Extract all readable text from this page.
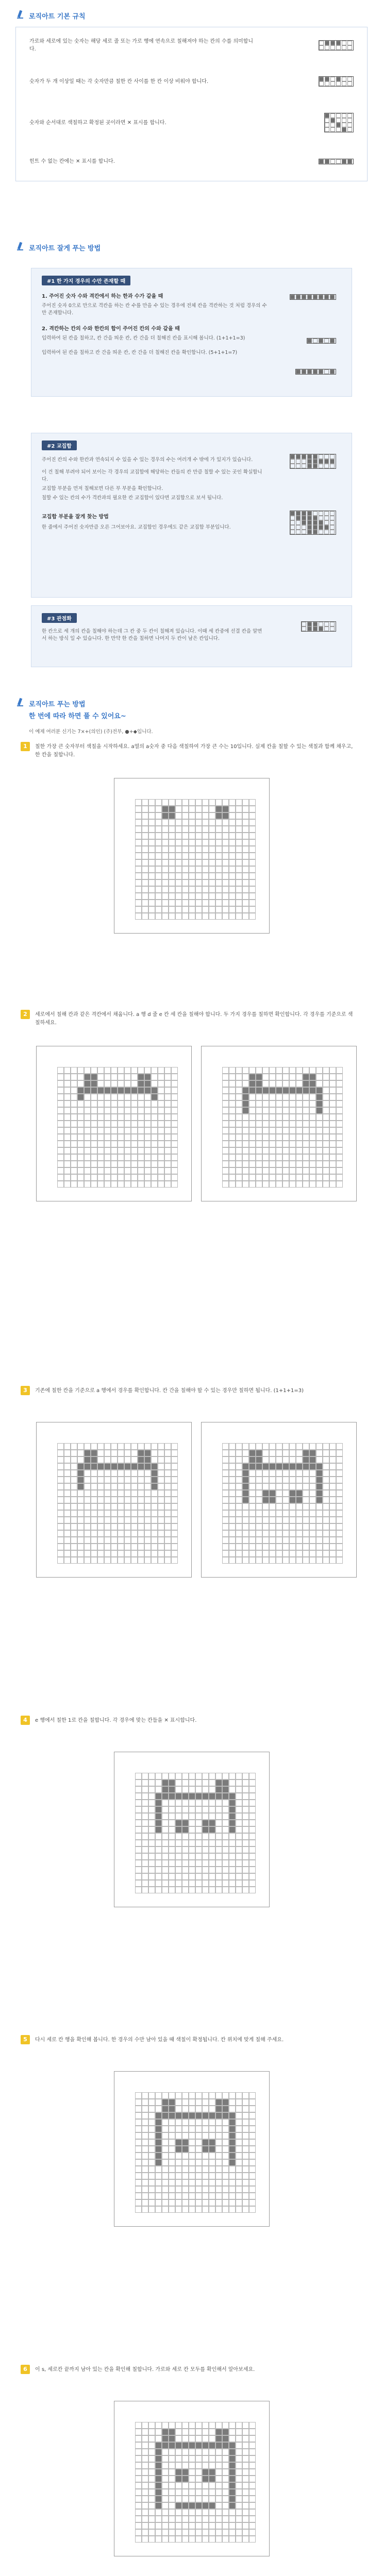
로직아트 기본 규칙
가로와 세로에 있는 숫자는 해당 세로 줄 또는 가로 행에 연속으로 칠해져야 하는 칸의 수를 의미합니다.
숫자가 두 개 이상일 때는 각 숫자만큼 칠한 칸 사이를 한 칸 이상 비워야 합니다.
숫자와 순서대로 색칠하고 확정된 곳이라면 ✕ 표시를 합니다.
힌트 수 없는 칸에는 ✕ 표시를 합니다.
로직아트 잘게 푸는 방법
#1 한 가지 경우의 수만 존재할 때
1. 주어진 숫자 수와 격칸에서 하는 한과 수가 같을 때
주어진 숫자 0으로 만으로 격칸을 하는 칸 수를 만을 수 있는 경우에 전체 칸을 격칸하는 것 처럼 경우의 수만 존재합니다.
2. 격칸하는 칸의 수와 한칸의 합이 주어진 칸의 수와 같을 때
입력하여 된 칸을 칠하고, 칸 간을 띄운 칸, 칸 간을 더 칠해진 칸을 표시해 봅니다. (1+1+1=3)
입력하여 된 칸을 칠하고 칸 간을 띄운 칸, 칸 간을 더 칠해진 칸을 확인합니다. (5+1+1=7)
#2 교집합
주어진 칸의 수와 한칸과 연속되지 수 있을 수 있는 경우의 수는 여러개 수 밖에 가 있지가 있습니다.
이 건 칠해 부려야 되어 보이는 각 경우의 교집합에 해당하는 칸들의 칸 만큼 칠할 수 있는 곳인 확실합니다.
교집합 부분을 먼저 칠해보면 다른 부 부분을 확인합니다.
칠할 수 있는 칸의 수가 격칸과의 필요한 칸 교집합이 있다면 교집합으로 보셔 됩니다.
교집합 부분을 잘게 찾는 방법
한 줄에서 주어진 숫자만큼 오른 그어보아요. 교집합인 경우에도 같은 교집합 부분입니다.
#3 관점화
한 칸으로 세 개의 칸을 칠해야 하는데 그 칸 중 두 칸이 칠해져 있습니다. 이때 세 칸중에 선결 칸을 알면서 하는 방식 일 수 있습니다. 한 만약 한 칸을 칠하면 나머지 두 칸이 남은 칸입니다.
로직아트 푸는 방법
한 번에 따라 하면 풀 수 있어요~
이 예제 여러분 신기는 7×+(의인) (주)전부, ●+◆입니다.
1	칠한 가장 큰 숫자부터 색칠을 시작하세요. a열의 a숫자 중 다음 색칠하여 가장 큰 수는 10입니다. 실제 칸을 칠할 수 있는 색칠과 함께 채우고, 한 칸을 칠합니다.
2	세로에서 칠해 칸과 같은 격칸에서 채웁니다. a 행 d 줄 e 칸 세 칸을 칠해야 합니다. 두 가지 경우를 칠하면 확인합니다. 각 경우를 기준으로 색칠하세요.
3	기존에 칠한 칸을 기준으로 a 행에서 경우를 확인합니다. 칸 간을 칠해야 할 수 있는 경우만 칠하면 됩니다. (1+1+1=3)
4	e 행에서 칠한 1로 칸을 칠합니다. 각 경우에 맞는 칸들을 ✕ 표시합니다.
5	다시 세로 칸 행을 확인해 봅니다. 한 경우의 수만 남아 있을 때 색칠이 확정됩니다. 칸 위치에 맞게 칠해 주세요.
6	이 s, 세로칸 끝까지 남아 있는 칸을 확인해 칠합니다. 가로와 세로 칸 모두를 확인해서 알아보세요.
